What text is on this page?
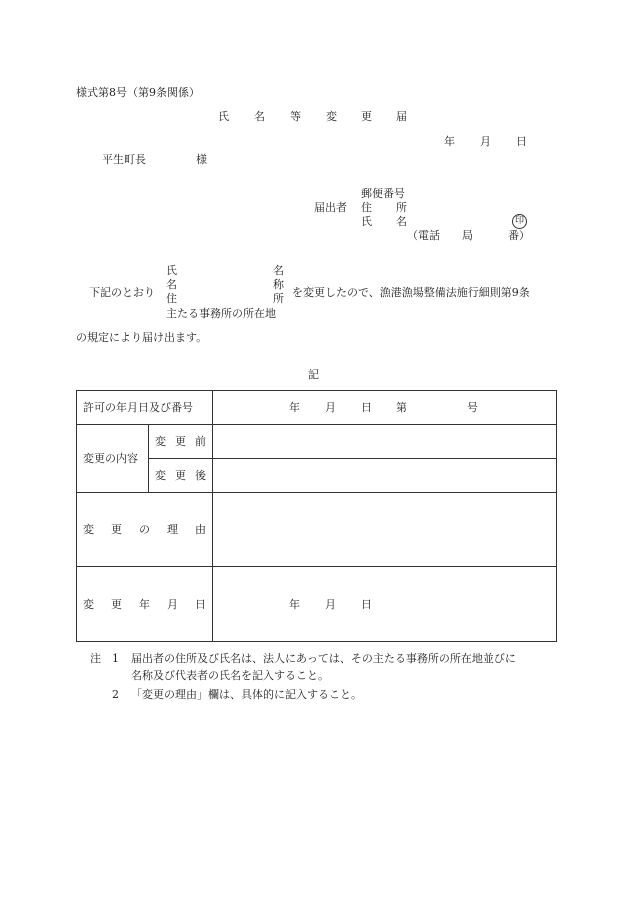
様式第8号（第9条関係）
氏 名 等 変 更 届
年 月 日
平生町長	様
郵便番号
届出者 住 所
氏 名	印
（電話 局	番）
下記のとおり
氏	名
名	称
住	所
主たる事務所の所在地
を変更したので、漁港漁場整備法施行細則第9条
の規定により届け出ます。
記
許可の年月日及び番号		年 月 日 第 号

変更の内容	変 更 前	

	変 更 後	

変 更 の 理 由		

変 更 年 月 日		年 月 日
注 1 届出者の住所及び氏名は、法人にあっては、その主たる事務所の所在地並びに
名称及び代表者の氏名を記入すること。
2 「変更の理由」欄は、具体的に記入すること。
